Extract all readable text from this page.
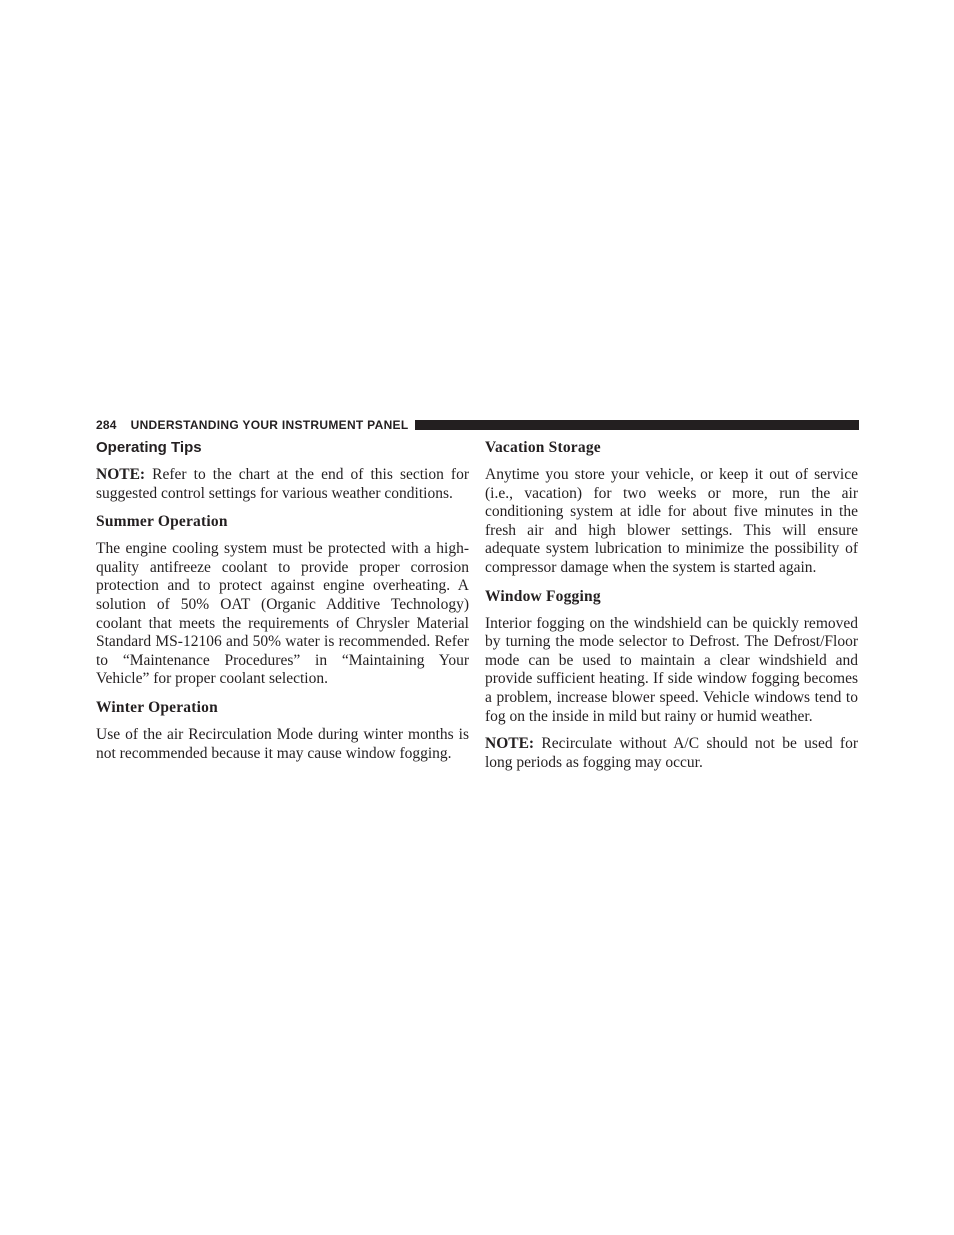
284 UNDERSTANDING YOUR INSTRUMENT PANEL
Operating Tips

NOTE: Refer to the chart at the end of this section for suggested control settings for various weather conditions.

Summer Operation

The engine cooling system must be protected with a high-quality antifreeze coolant to provide proper corrosion protection and to protect against engine overheating. A solution of 50% OAT (Organic Additive Technology) coolant that meets the requirements of Chrysler Material Standard MS-12106 and 50% water is recommended. Refer to “Maintenance Procedures” in “Maintaining Your Vehicle” for proper coolant selection.

Winter Operation

Use of the air Recirculation Mode during winter months is not recommended because it may cause window fogging.

Vacation Storage

Anytime you store your vehicle, or keep it out of service (i.e., vacation) for two weeks or more, run the air conditioning system at idle for about five minutes in the fresh air and high blower settings. This will ensure adequate system lubrication to minimize the possibility of compressor damage when the system is started again.

Window Fogging

Interior fogging on the windshield can be quickly removed by turning the mode selector to Defrost. The Defrost/Floor mode can be used to maintain a clear windshield and provide sufficient heating. If side window fogging becomes a problem, increase blower speed. Vehicle windows tend to fog on the inside in mild but rainy or humid weather.

NOTE: Recirculate without A/C should not be used for long periods as fogging may occur.
